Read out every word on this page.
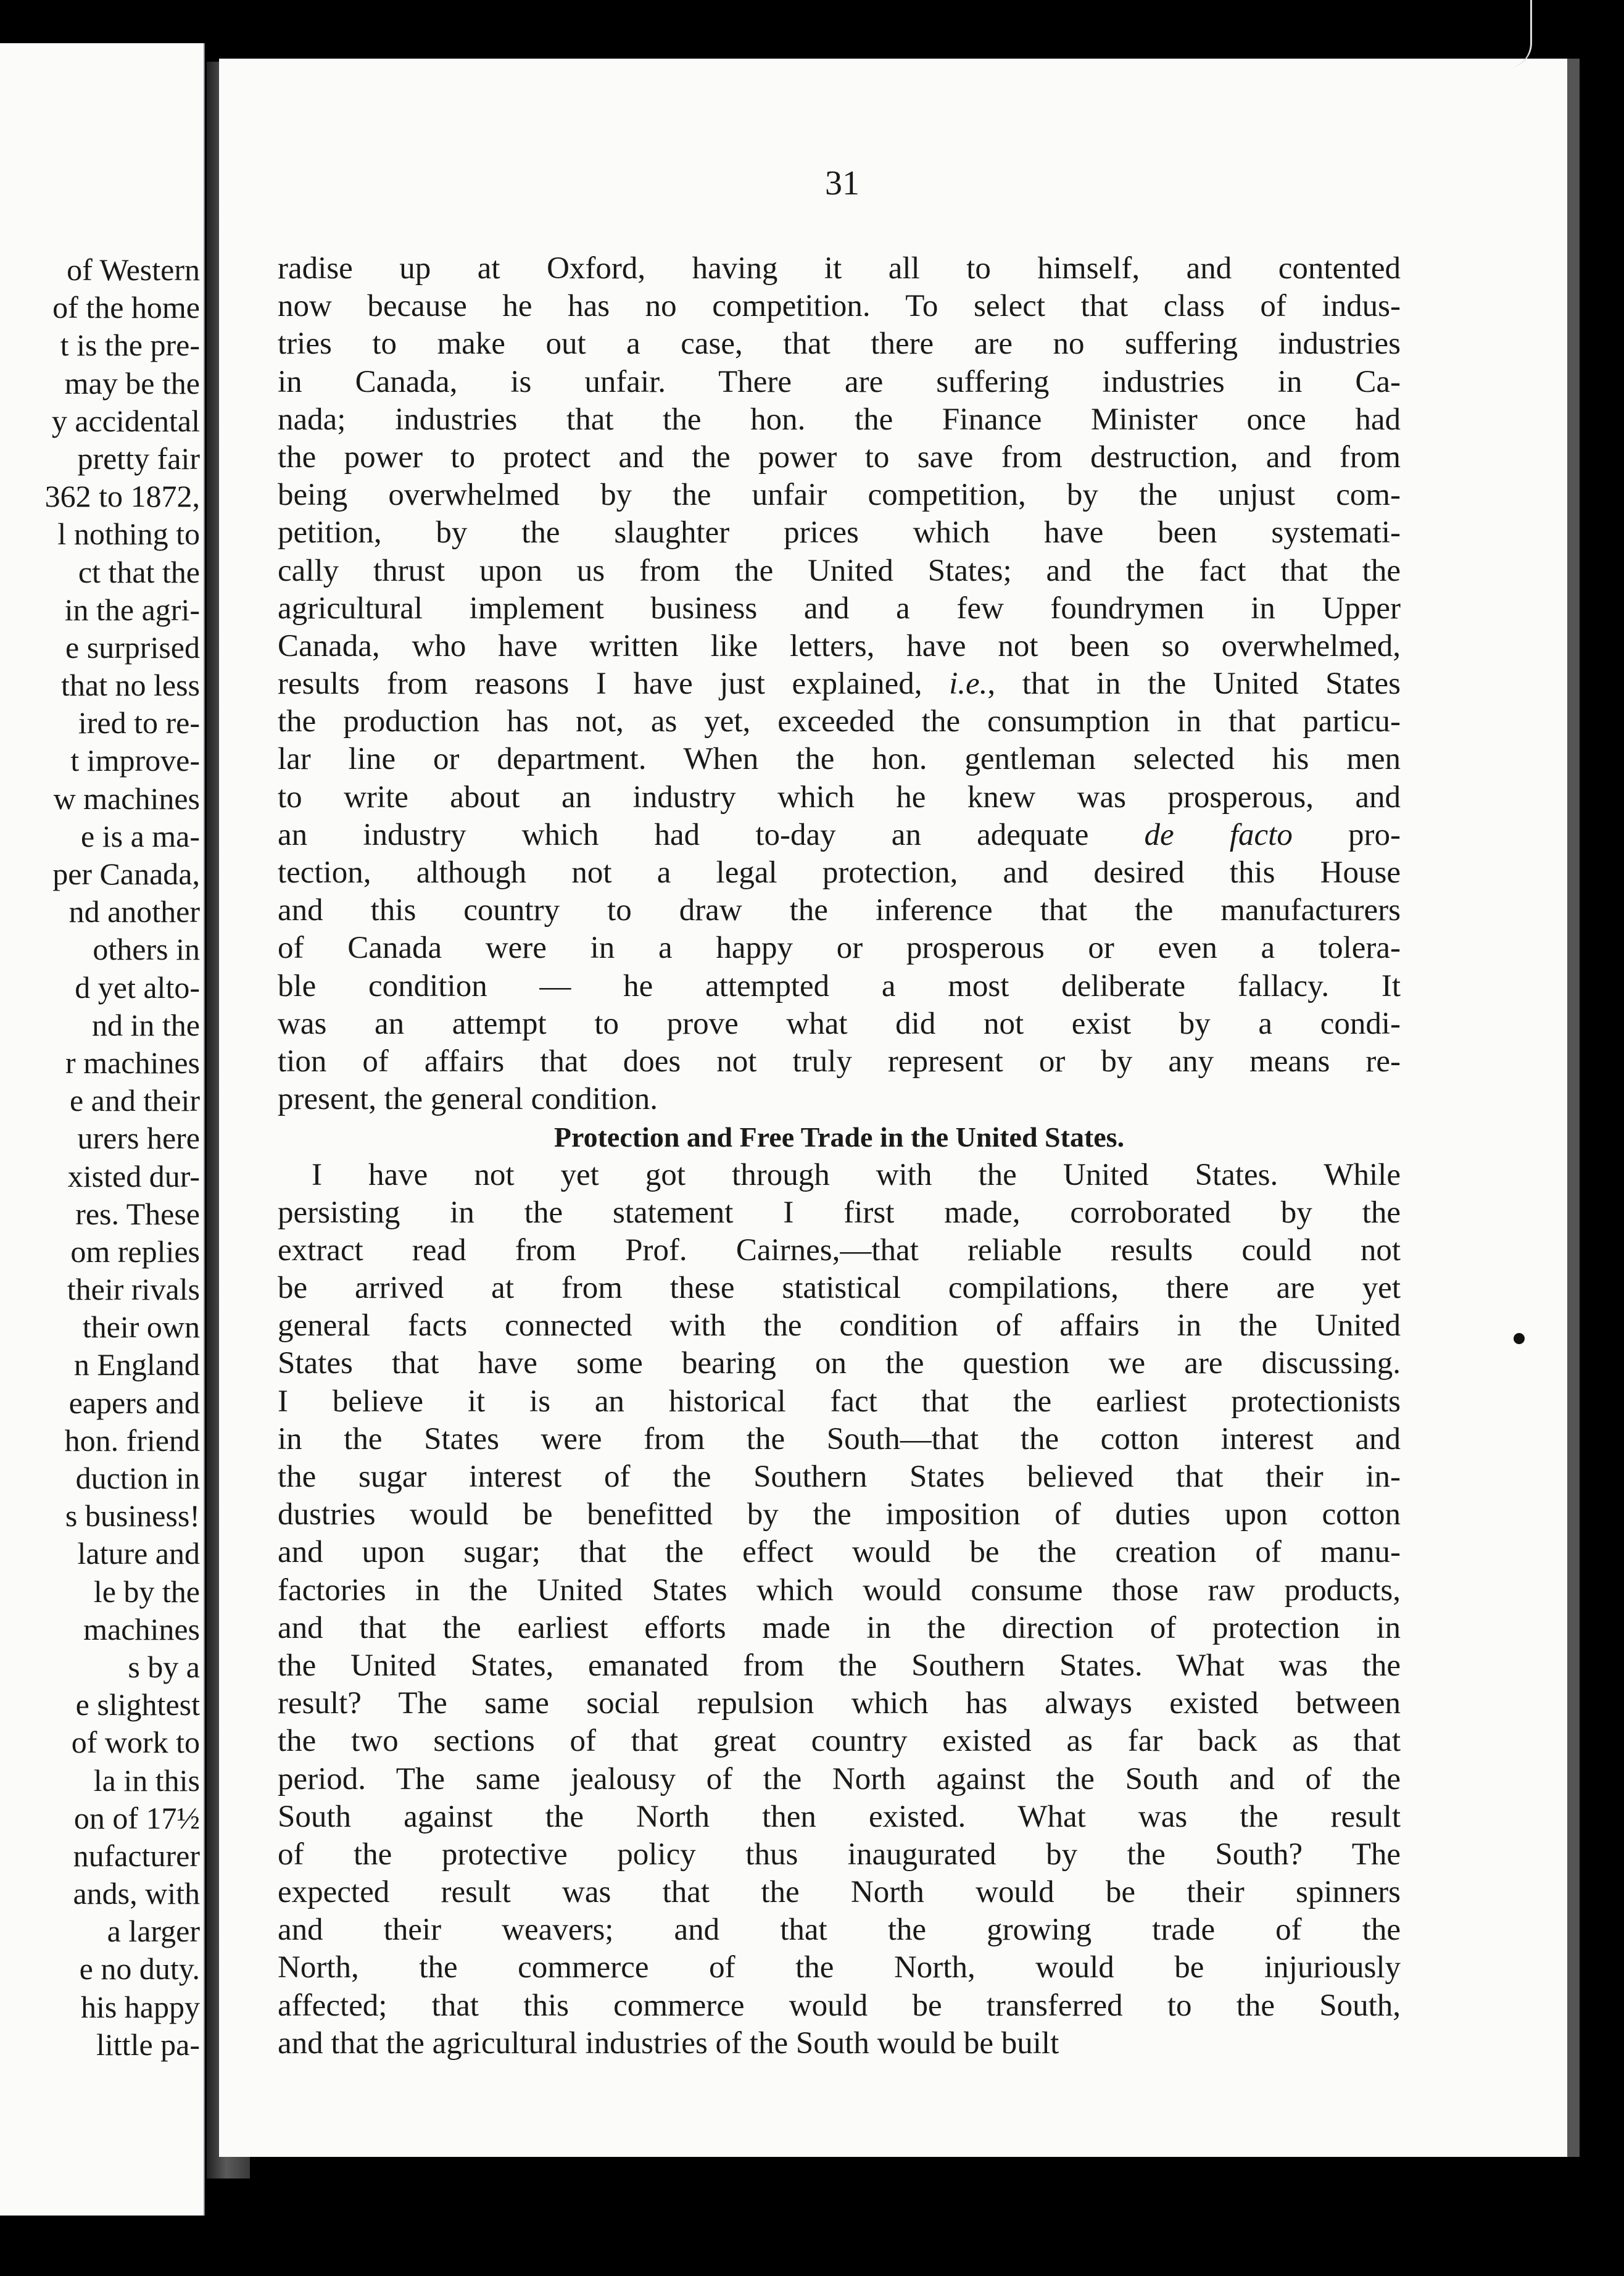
of Western
of the home
t is the pre-
may be the
y accidental
pretty fair
362 to 1872,
l nothing to
ct that the
in the agri-
e surprised
that no less
ired to re-
t improve-
w machines
e is a ma-
per Canada,
nd another
others in
d yet alto-
nd in the
r machines
e and their
urers here
xisted dur-
res. These
om replies
their rivals
their own
n England
eapers and
hon. friend
duction in
s business!
lature and
le by the
machines
s by a
e slightest
of work to
la in this
on of 17½
nufacturer
ands, with
a larger
e no duty.
his happy
little pa-
31
radise up at Oxford, having it all to himself, and contented
now because he has no competition. To select that class of indus-
tries to make out a case, that there are no suffering industries
in Canada, is unfair. There are suffering industries in Ca-
nada; industries that the hon. the Finance Minister once had
the power to protect and the power to save from destruction, and from
being overwhelmed by the unfair competition, by the unjust com-
petition, by the slaughter prices which have been systemati-
cally thrust upon us from the United States; and the fact that the
agricultural implement business and a few foundrymen in Upper
Canada, who have written like letters, have not been so overwhelmed,
results from reasons I have just explained, i.e., that in the United States
the production has not, as yet, exceeded the consumption in that particu-
lar line or department. When the hon. gentleman selected his men
to write about an industry which he knew was prosperous, and
an industry which had to-day an adequate de facto pro-
tection, although not a legal protection, and desired this House
and this country to draw the inference that the manufacturers
of Canada were in a happy or prosperous or even a tolera-
ble condition — he attempted a most deliberate fallacy. It
was an attempt to prove what did not exist by a condi-
tion of affairs that does not truly represent or by any means re-
present, the general condition.
Protection and Free Trade in the United States.
I have not yet got through with the United States. While
persisting in the statement I first made, corroborated by the
extract read from Prof. Cairnes,—that reliable results could not
be arrived at from these statistical compilations, there are yet
general facts connected with the condition of affairs in the United
States that have some bearing on the question we are discussing.
I believe it is an historical fact that the earliest protectionists
in the States were from the South—that the cotton interest and
the sugar interest of the Southern States believed that their in-
dustries would be benefitted by the imposition of duties upon cotton
and upon sugar; that the effect would be the creation of manu-
factories in the United States which would consume those raw products,
and that the earliest efforts made in the direction of protection in
the United States, emanated from the Southern States. What was the
result? The same social repulsion which has always existed between
the two sections of that great country existed as far back as that
period. The same jealousy of the North against the South and of the
South against the North then existed. What was the result
of the protective policy thus inaugurated by the South? The
expected result was that the North would be their spinners
and their weavers; and that the growing trade of the
North, the commerce of the North, would be injuriously
affected; that this commerce would be transferred to the South,
and that the agricultural industries of the South would be built
